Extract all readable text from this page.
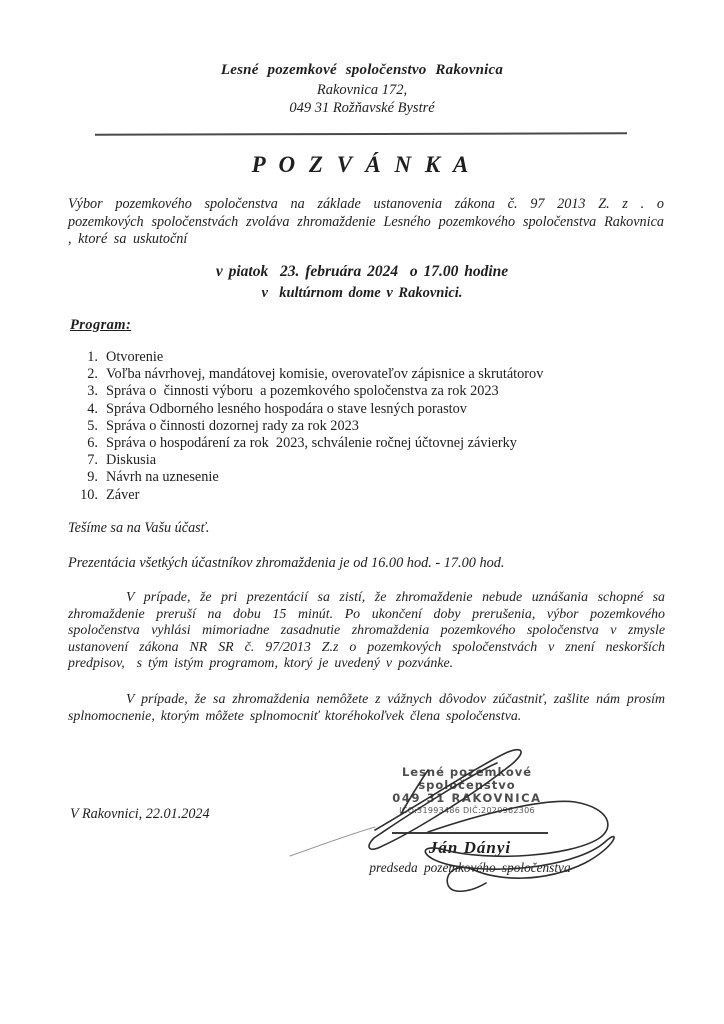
Lesné pozemkové spoločenstvo Rakovnica
Rakovnica 172,
049 31 Rožňavské Bystré
P O Z V Á N K A
Výbor pozemkového spoločenstva na základe ustanovenia zákona č. 97 2013 Z. z . o pozemkových spoločenstvách zvoláva zhromaždenie Lesného pozemkového spoločenstva Rakovnica , ktoré sa uskutoční
v piatok  23. februára 2024  o 17.00 hodine
v  kultúrnom dome v Rakovnici.
Program:
1. Otvorenie
2. Voľba návrhovej, mandátovej komisie, overovateľov zápisnice a skrutátorov
3. Správa o  činnosti výboru  a pozemkového spoločenstva za rok 2023
4. Správa Odborného lesného hospodára o stave lesných porastov
5. Správa o činnosti dozornej rady za rok 2023
6. Správa o hospodárení za rok  2023, schválenie ročnej účtovnej závierky
7. Diskusia
9. Návrh na uznesenie
10. Záver
Tešíme sa na Vašu účasť.
Prezentácia všetkých účastníkov zhromaždenia je od 16.00 hod. - 17.00 hod.
V prípade, že pri prezentácií sa zistí, že zhromaždenie nebude uznášania schopné sa zhromaždenie preruší na dobu 15 minút. Po ukončení doby prerušenia, výbor pozemkového spoločenstva vyhlási mimoriadne zasadnutie zhromaždenia pozemkového spoločenstva v zmysle ustanovení zákona NR SR č. 97/2013 Z.z o pozemkových spoločenstvách v znení neskorších predpisov,  s tým istým programom, ktorý je uvedený v pozvánke.
V prípade, že sa zhromaždenia nemôžete z vážnych dôvodov zúčastniť, zašlite nám prosím splnomocnenie, ktorým môžete splnomocniť ktoréhokoľvek člena spoločenstva.
V Rakovnici, 22.01.2024
Lesné pozemkové
spoločenstvo
049 31 RAKOVNICA
IČO:31993486 DIČ:2020962306
Ján Dányi
predseda pozemkového spoločenstva
